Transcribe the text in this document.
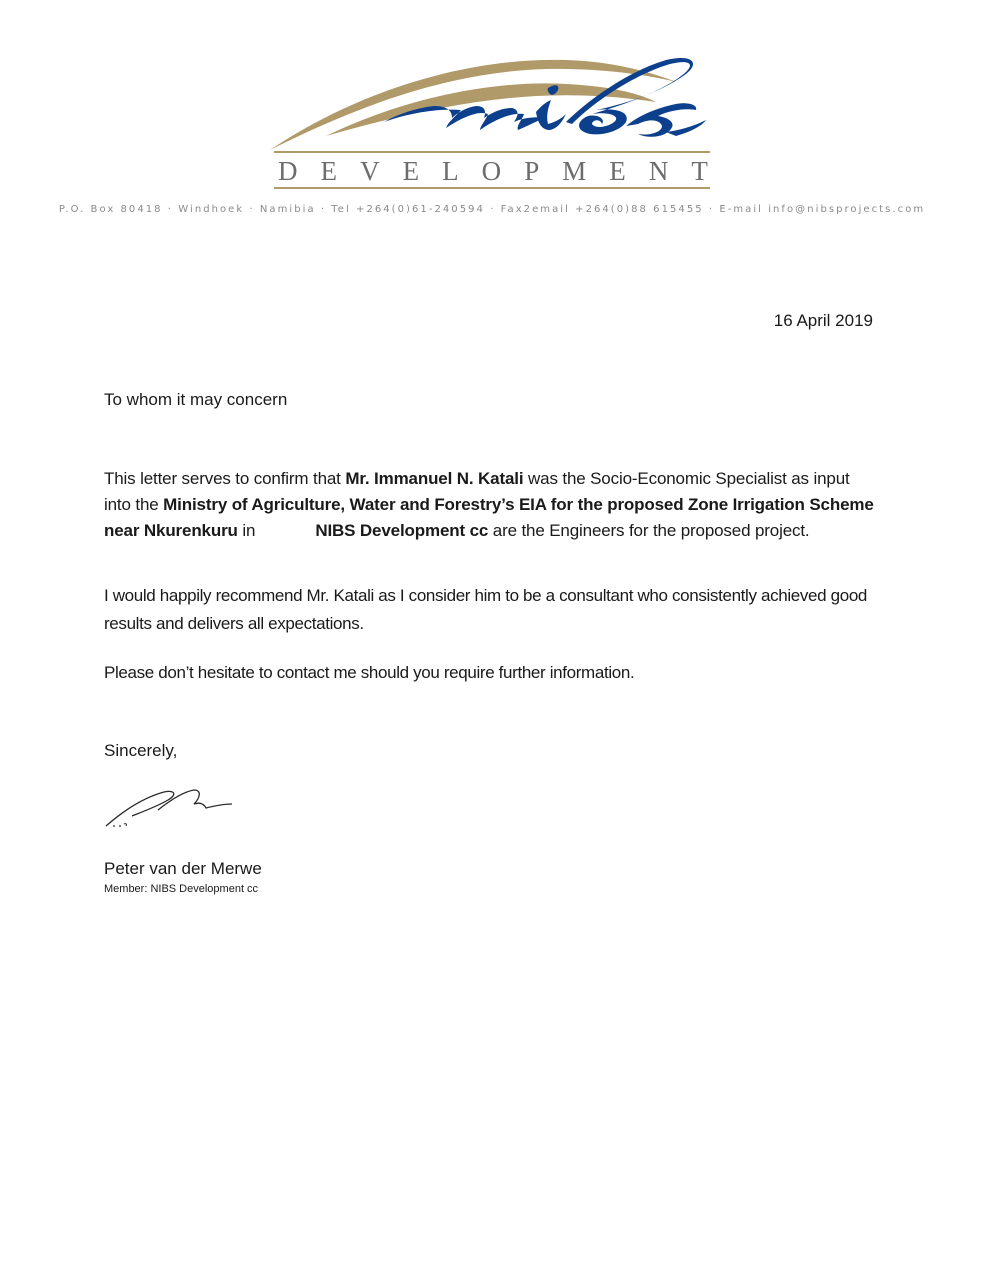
D E V E L O P M E N T
P.O. Box 80418 · Windhoek · Namibia · Tel +264(0)61-240594 · Fax2email +264(0)88 615455 · E-mail info@nibsprojects.com
16 April 2019
To whom it may concern
This letter serves to confirm that Mr. Immanuel N. Katali was the Socio-Economic Specialist as input into the Ministry of Agriculture, Water and Forestry’s EIA for the proposed Zone Irrigation Scheme near Nkurenkuru in	NIBS Development cc are the Engineers for the proposed project.
I would happily recommend Mr. Katali as I consider him to be a consultant who consistently achieved good results and delivers all expectations.
Please don’t hesitate to contact me should you require further information.
Sincerely,
Peter van der Merwe
Member: NIBS Development cc
